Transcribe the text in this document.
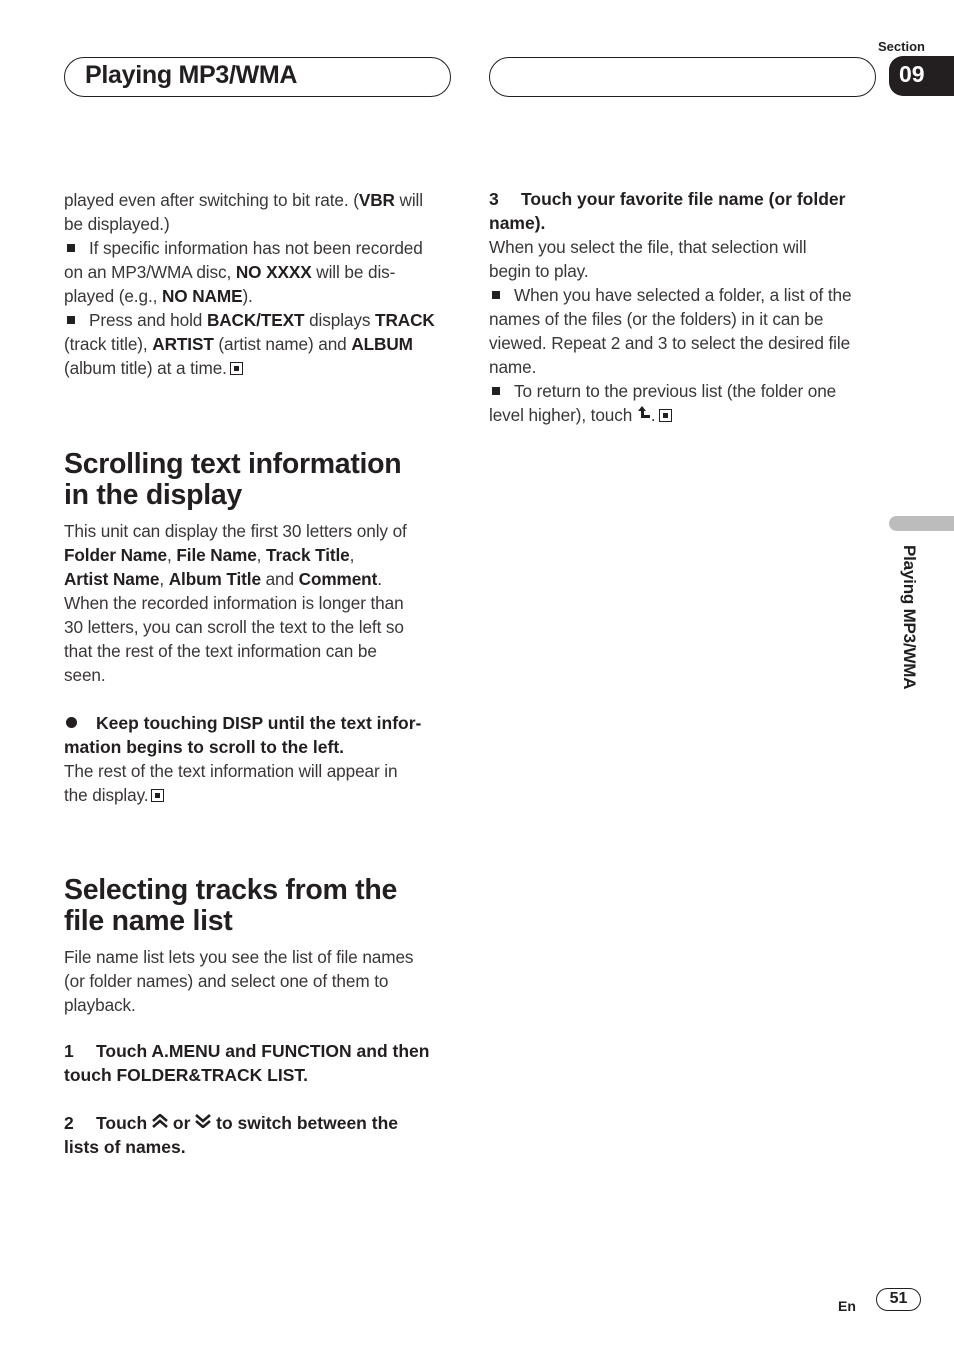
Playing MP3/WMA
Section
09

played even after switching to bit rate. (VBR will
be displayed.)
If specific information has not been recorded
on an MP3/WMA disc, NO XXXX will be dis-
played (e.g., NO NAME).
Press and hold BACK/TEXT displays TRACK
(track title), ARTIST (artist name) and ALBUM
(album title) at a time.

Scrolling text information
in the display

This unit can display the first 30 letters only of
Folder Name, File Name, Track Title,
Artist Name, Album Title and Comment.
When the recorded information is longer than
30 letters, you can scroll the text to the left so
that the rest of the text information can be
seen.

Keep touching DISP until the text infor-
mation begins to scroll to the left.

The rest of the text information will appear in
the display.

Selecting tracks from the
file name list

File name list lets you see the list of file names
(or folder names) and select one of them to
playback.

1 Touch A.MENU and FUNCTION and then
touch FOLDER&TRACK LIST.
2 Touch  or  to switch between the
lists of names.
3 Touch your favorite file name (or folder
name).

When you select the file, that selection will
begin to play.
When you have selected a folder, a list of the
names of the files (or the folders) in it can be
viewed. Repeat 2 and 3 to select the desired file
name.
To return to the previous list (the folder one
level higher), touch .

Playing MP3/WMA
En	51
